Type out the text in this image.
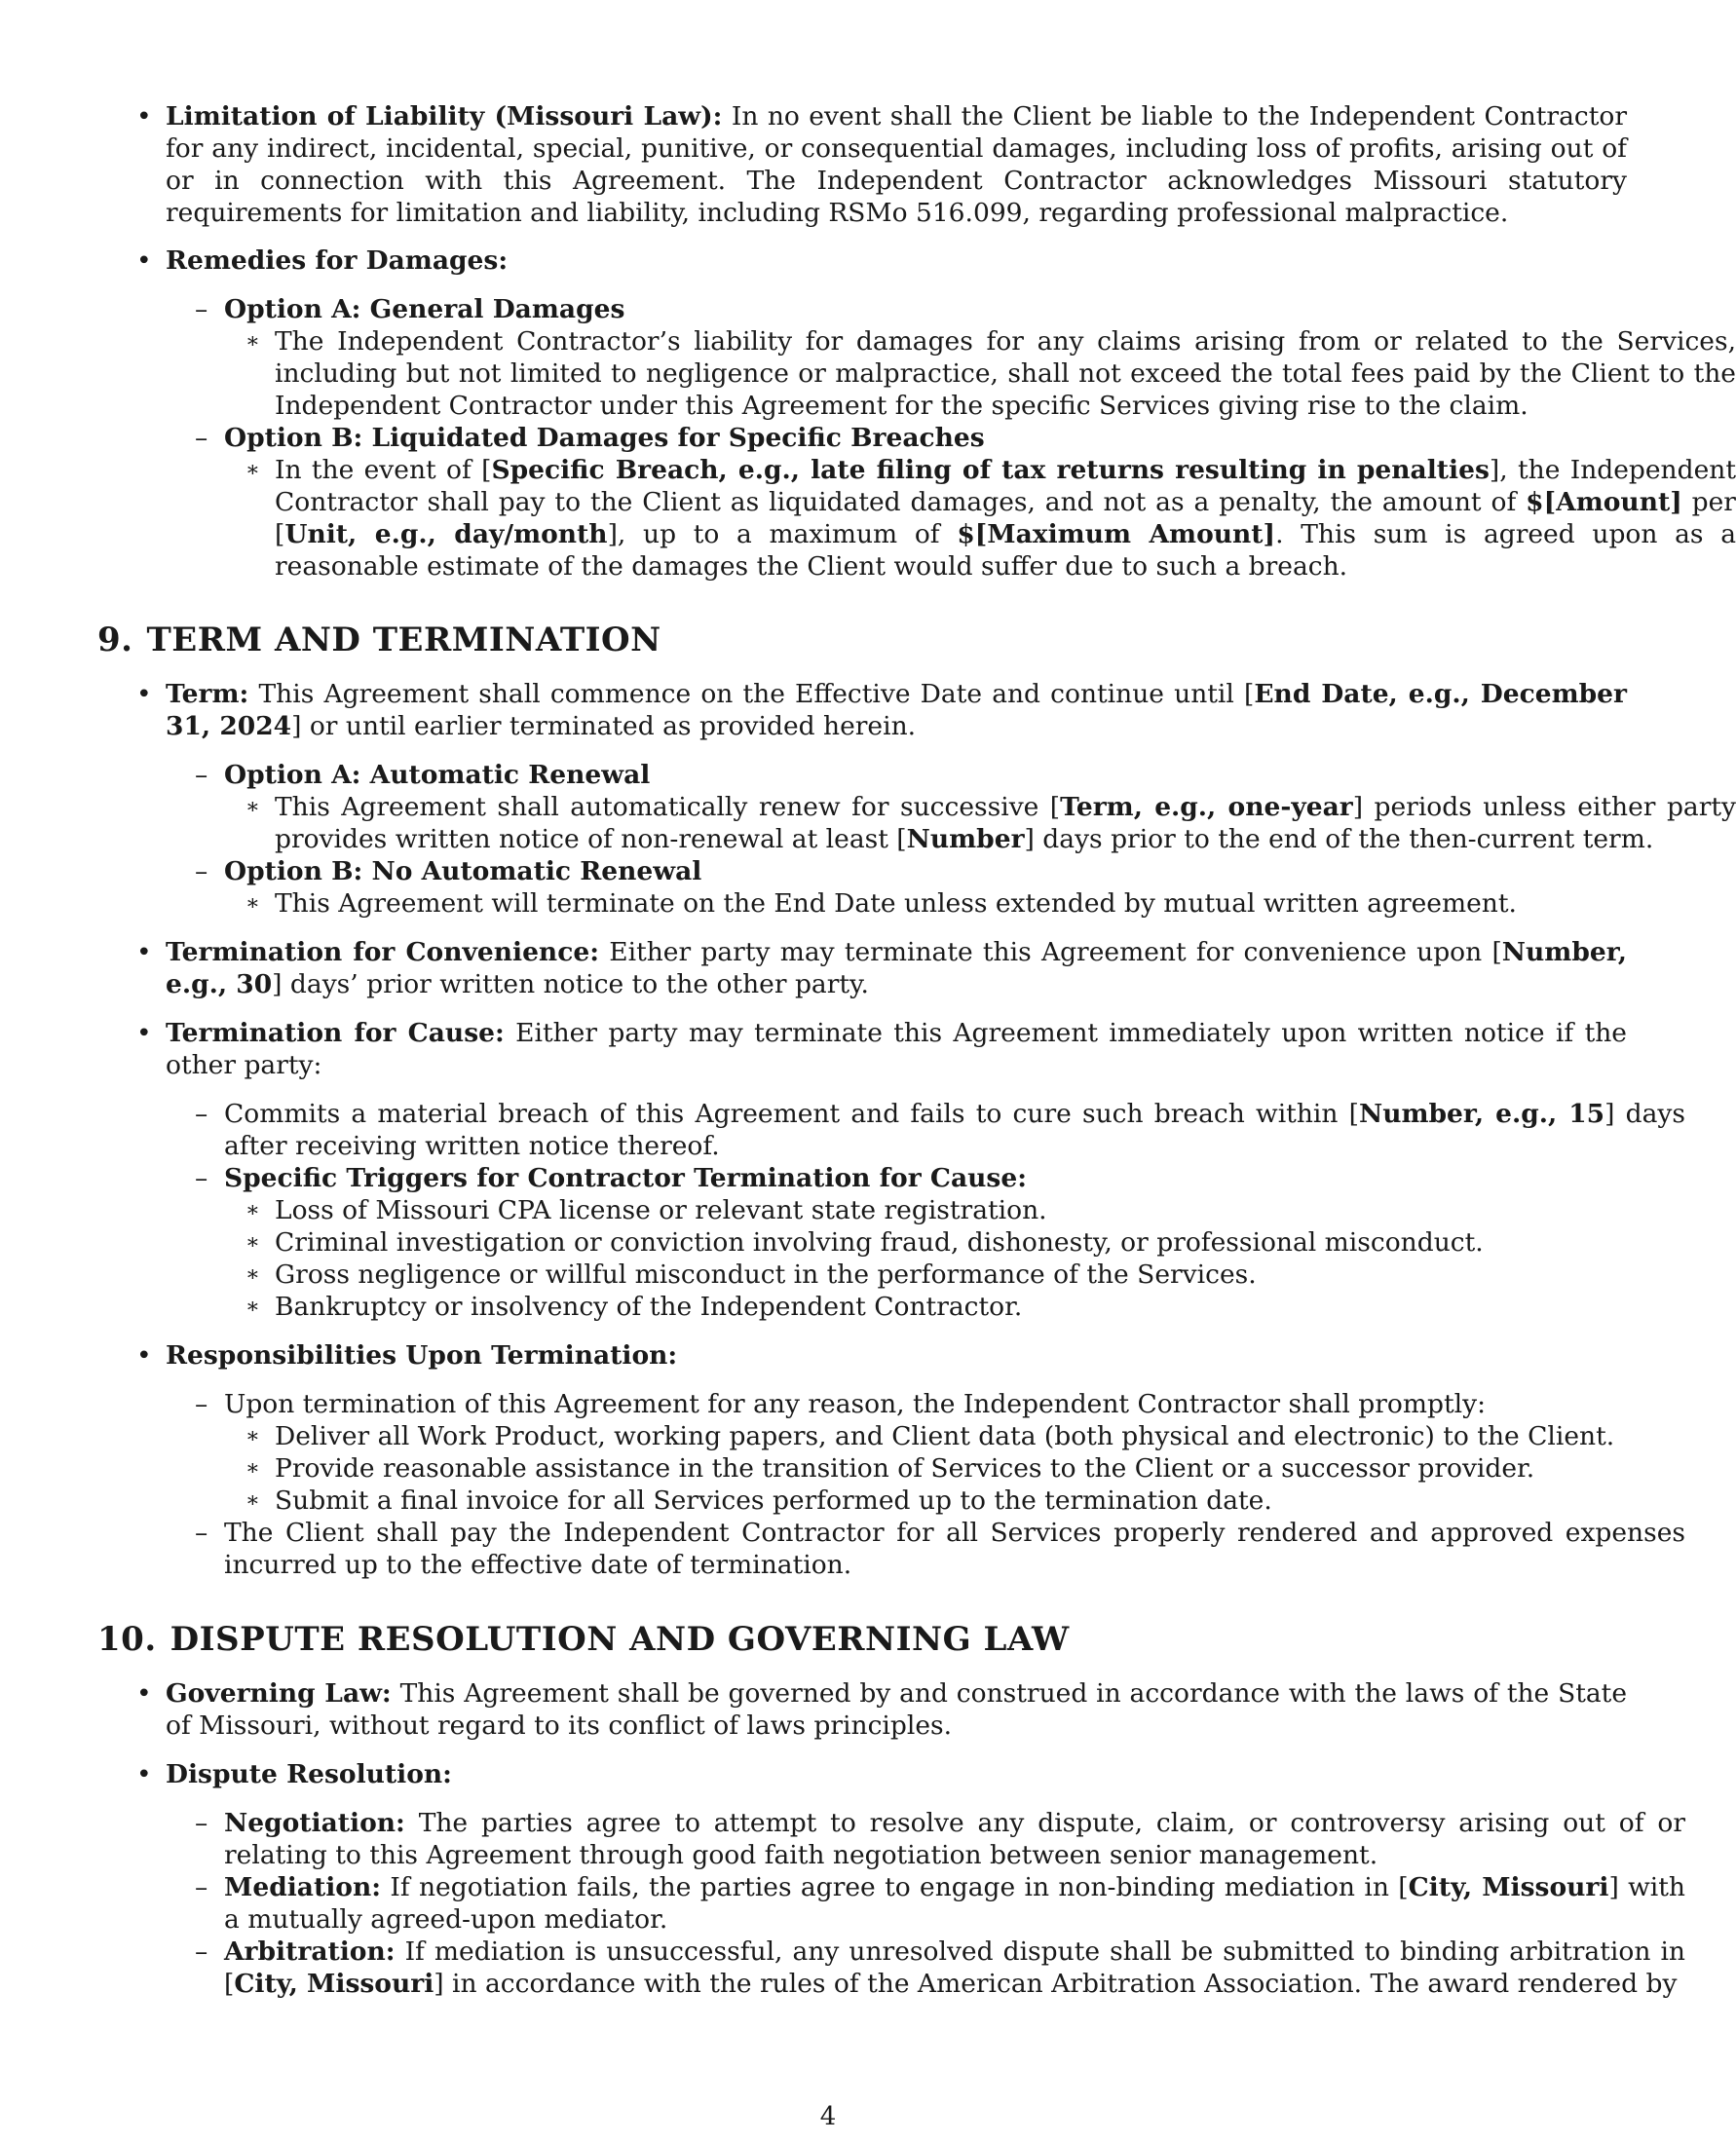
• Limitation of Liability (Missouri Law): In no event shall the Client be liable to the Independent Contractor for any indirect, incidental, special, punitive, or consequential damages, including loss of profits, arising out of or in connection with this Agreement. The Independent Contractor acknowledges Missouri statutory requirements for limitation and liability, including RSMo 516.099, regarding professional malpractice.
• Remedies for Damages:
– Option A: General Damages
∗ The Independent Contractor’s liability for damages for any claims arising from or related to the Services, including but not limited to negligence or malpractice, shall not exceed the total fees paid by the Client to the Independent Contractor under this Agreement for the specific Services giving rise to the claim.
– Option B: Liquidated Damages for Specific Breaches
∗ In the event of [Specific Breach, e.g., late filing of tax returns resulting in penalties], the Independent Contractor shall pay to the Client as liquidated damages, and not as a penalty, the amount of $[Amount] per [Unit, e.g., day/month], up to a maximum of $[Maximum Amount]. This sum is agreed upon as a reasonable estimate of the damages the Client would suffer due to such a breach.
9. TERM AND TERMINATION
• Term: This Agreement shall commence on the Effective Date and continue until [End Date, e.g., December 31, 2024] or until earlier terminated as provided herein.
– Option A: Automatic Renewal
∗ This Agreement shall automatically renew for successive [Term, e.g., one-year] periods unless either party provides written notice of non-renewal at least [Number] days prior to the end of the then-current term.
– Option B: No Automatic Renewal
∗ This Agreement will terminate on the End Date unless extended by mutual written agreement.
• Termination for Convenience: Either party may terminate this Agreement for convenience upon [Number, e.g., 30] days’ prior written notice to the other party.
• Termination for Cause: Either party may terminate this Agreement immediately upon written notice if the other party:
– Commits a material breach of this Agreement and fails to cure such breach within [Number, e.g., 15] days after receiving written notice thereof.
– Specific Triggers for Contractor Termination for Cause:
∗ Loss of Missouri CPA license or relevant state registration.
∗ Criminal investigation or conviction involving fraud, dishonesty, or professional misconduct.
∗ Gross negligence or willful misconduct in the performance of the Services.
∗ Bankruptcy or insolvency of the Independent Contractor.
• Responsibilities Upon Termination:
– Upon termination of this Agreement for any reason, the Independent Contractor shall promptly:
∗ Deliver all Work Product, working papers, and Client data (both physical and electronic) to the Client.
∗ Provide reasonable assistance in the transition of Services to the Client or a successor provider.
∗ Submit a final invoice for all Services performed up to the termination date.
– The Client shall pay the Independent Contractor for all Services properly rendered and approved expenses incurred up to the effective date of termination.
10. DISPUTE RESOLUTION AND GOVERNING LAW
• Governing Law: This Agreement shall be governed by and construed in accordance with the laws of the State of Missouri, without regard to its conflict of laws principles.
• Dispute Resolution:
– Negotiation: The parties agree to attempt to resolve any dispute, claim, or controversy arising out of or relating to this Agreement through good faith negotiation between senior management.
– Mediation: If negotiation fails, the parties agree to engage in non-binding mediation in [City, Missouri] with a mutually agreed-upon mediator.
– Arbitration: If mediation is unsuccessful, any unresolved dispute shall be submitted to binding arbitration in [City, Missouri] in accordance with the rules of the American Arbitration Association. The award rendered by
4
